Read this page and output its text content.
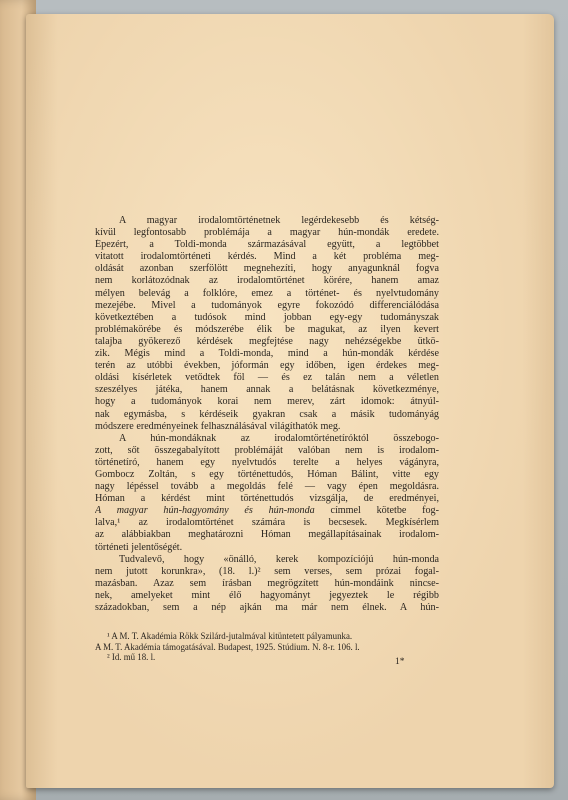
A magyar irodalomtörténetnek legérdekesebb és kétség-
kívül legfontosabb problémája a magyar hún-mondák eredete.
Épezért, a Toldi-monda származásával együtt, a legtöbbet
vitatott irodalomtörténeti kérdés. Mind a két probléma meg-
oldását azonban szerfölött megnehezíti, hogy anyagunknál fogva
nem korlátozódnak az irodalomtörténet körére, hanem amaz
mélyen belevág a folklóre, emez a történet- és nyelvtudomány
mezejébe. Mivel a tudományok egyre fokozódó differenciálódása
következtében a tudósok mind jobban egy-egy tudományszak
problémakörébe és módszerébe élik be magukat, az ilyen kevert
talajba gyökerező kérdések megfejtése nagy nehézségekbe ütkö-
zik. Mégis mind a Toldi-monda, mind a hún-mondák kérdése
terén az utóbbi években, jóformán egy időben, igen érdekes meg-
oldási kísérletek vetődtek föl — és ez talán nem a véletlen
szeszélyes játéka, hanem annak a belátásnak következménye,
hogy a tudományok korai nem merev, zárt idomok: átnyúl-
nak egymásba, s kérdéseik gyakran csak a másik tudományág
módszere eredményeinek felhasználásával világíthatók meg.
A hún-mondáknak az irodalomtörténetíróktól összebogo-
zott, sőt összegabalyított problémáját valóban nem is irodalom-
történetíró, hanem egy nyelvtudós terelte a helyes vágányra,
Gombocz Zoltán, s egy történettudós, Hóman Bálint, vitte egy
nagy lépéssel tovább a megoldás felé — vagy épen megoldásra.
Hóman a kérdést mint történettudós vizsgálja, de eredményei,
A magyar hún-hagyomány és hún-monda címmel kötetbe fog-
lalva,¹ az irodalomtörténet számára is becsesek. Megkísérlem
az alábbiakban meghatározni Hóman megállapításainak irodalom-
történeti jelentőségét.
Tudvalevő, hogy «önálló, kerek kompozíciójú hún-monda
nem jutott korunkra», (18. l.)² sem verses, sem prózai fogal-
mazásban. Azaz sem írásban megrögzített hún-mondáink nincse-
nek, amelyeket mint élő hagyományt jegyeztek le régibb
századokban, sem a nép ajkán ma már nem élnek. A hún-
¹ A M. T. Akadémia Rökk Szilárd-jutalmával kitüntetett pályamunka.
A M. T. Akadémia támogatásával. Budapest, 1925. Stúdium. N. 8-r. 106. l.
² Id. mű 18. l.	1*
